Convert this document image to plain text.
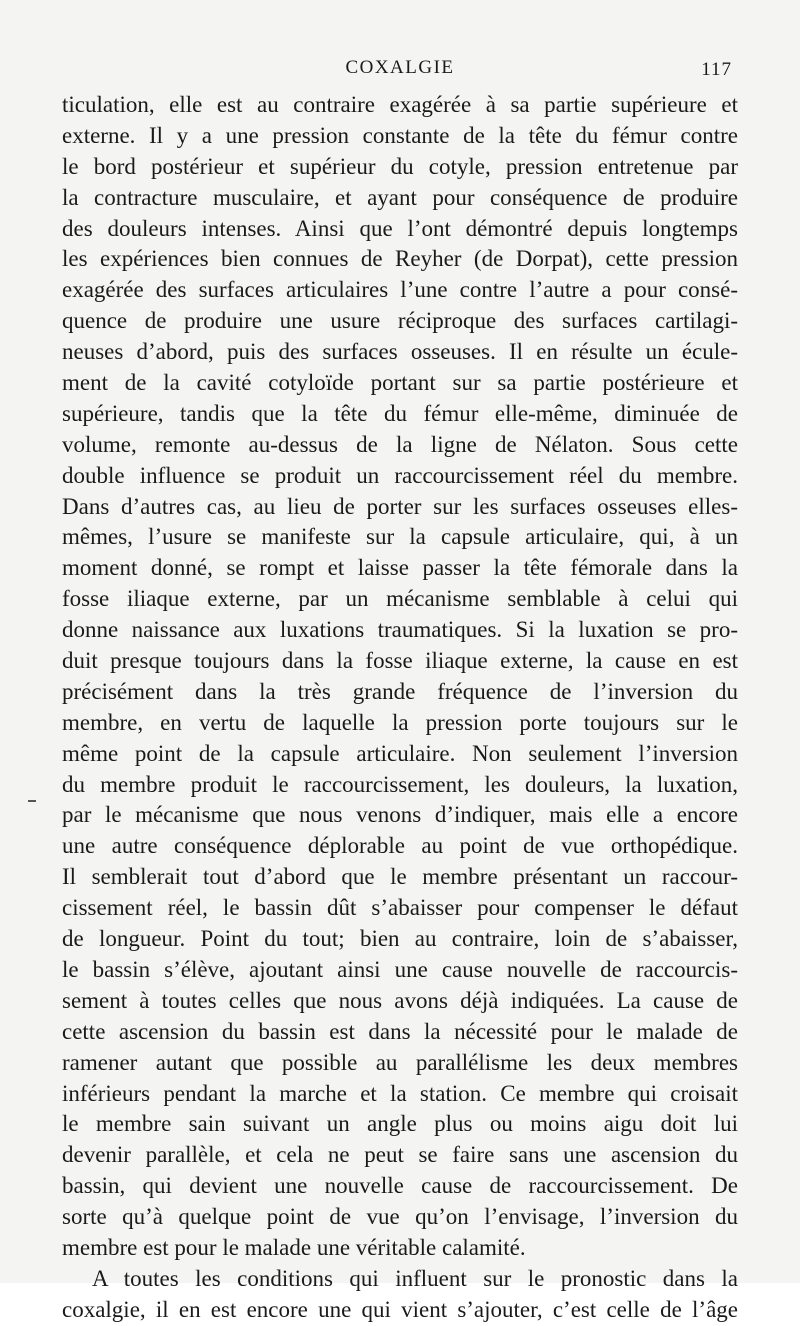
COXALGIE	117
ticulation, elle est au contraire exagérée à sa partie supérieure et
externe. Il y a une pression constante de la tête du fémur contre
le bord postérieur et supérieur du cotyle, pression entretenue par
la contracture musculaire, et ayant pour conséquence de produire
des douleurs intenses. Ainsi que l’ont démontré depuis longtemps
les expériences bien connues de Reyher (de Dorpat), cette pression
exagérée des surfaces articulaires l’une contre l’autre a pour consé-
quence de produire une usure réciproque des surfaces cartilagi-
neuses d’abord, puis des surfaces osseuses. Il en résulte un écule-
ment de la cavité cotyloïde portant sur sa partie postérieure et
supérieure, tandis que la tête du fémur elle-même, diminuée de
volume, remonte au-dessus de la ligne de Nélaton. Sous cette
double influence se produit un raccourcissement réel du membre.
Dans d’autres cas, au lieu de porter sur les surfaces osseuses elles-
mêmes, l’usure se manifeste sur la capsule articulaire, qui, à un
moment donné, se rompt et laisse passer la tête fémorale dans la
fosse iliaque externe, par un mécanisme semblable à celui qui
donne naissance aux luxations traumatiques. Si la luxation se pro-
duit presque toujours dans la fosse iliaque externe, la cause en est
précisément dans la très grande fréquence de l’inversion du
membre, en vertu de laquelle la pression porte toujours sur le
même point de la capsule articulaire. Non seulement l’inversion
du membre produit le raccourcissement, les douleurs, la luxation,
par le mécanisme que nous venons d’indiquer, mais elle a encore
une autre conséquence déplorable au point de vue orthopédique.
Il semblerait tout d’abord que le membre présentant un raccour-
cissement réel, le bassin dût s’abaisser pour compenser le défaut
de longueur. Point du tout; bien au contraire, loin de s’abaisser,
le bassin s’élève, ajoutant ainsi une cause nouvelle de raccourcis-
sement à toutes celles que nous avons déjà indiquées. La cause de
cette ascension du bassin est dans la nécessité pour le malade de
ramener autant que possible au parallélisme les deux membres
inférieurs pendant la marche et la station. Ce membre qui croisait
le membre sain suivant un angle plus ou moins aigu doit lui
devenir parallèle, et cela ne peut se faire sans une ascension du
bassin, qui devient une nouvelle cause de raccourcissement. De
sorte qu’à quelque point de vue qu’on l’envisage, l’inversion du
membre est pour le malade une véritable calamité.
A toutes les conditions qui influent sur le pronostic dans la
coxalgie, il en est encore une qui vient s’ajouter, c’est celle de l’âge
